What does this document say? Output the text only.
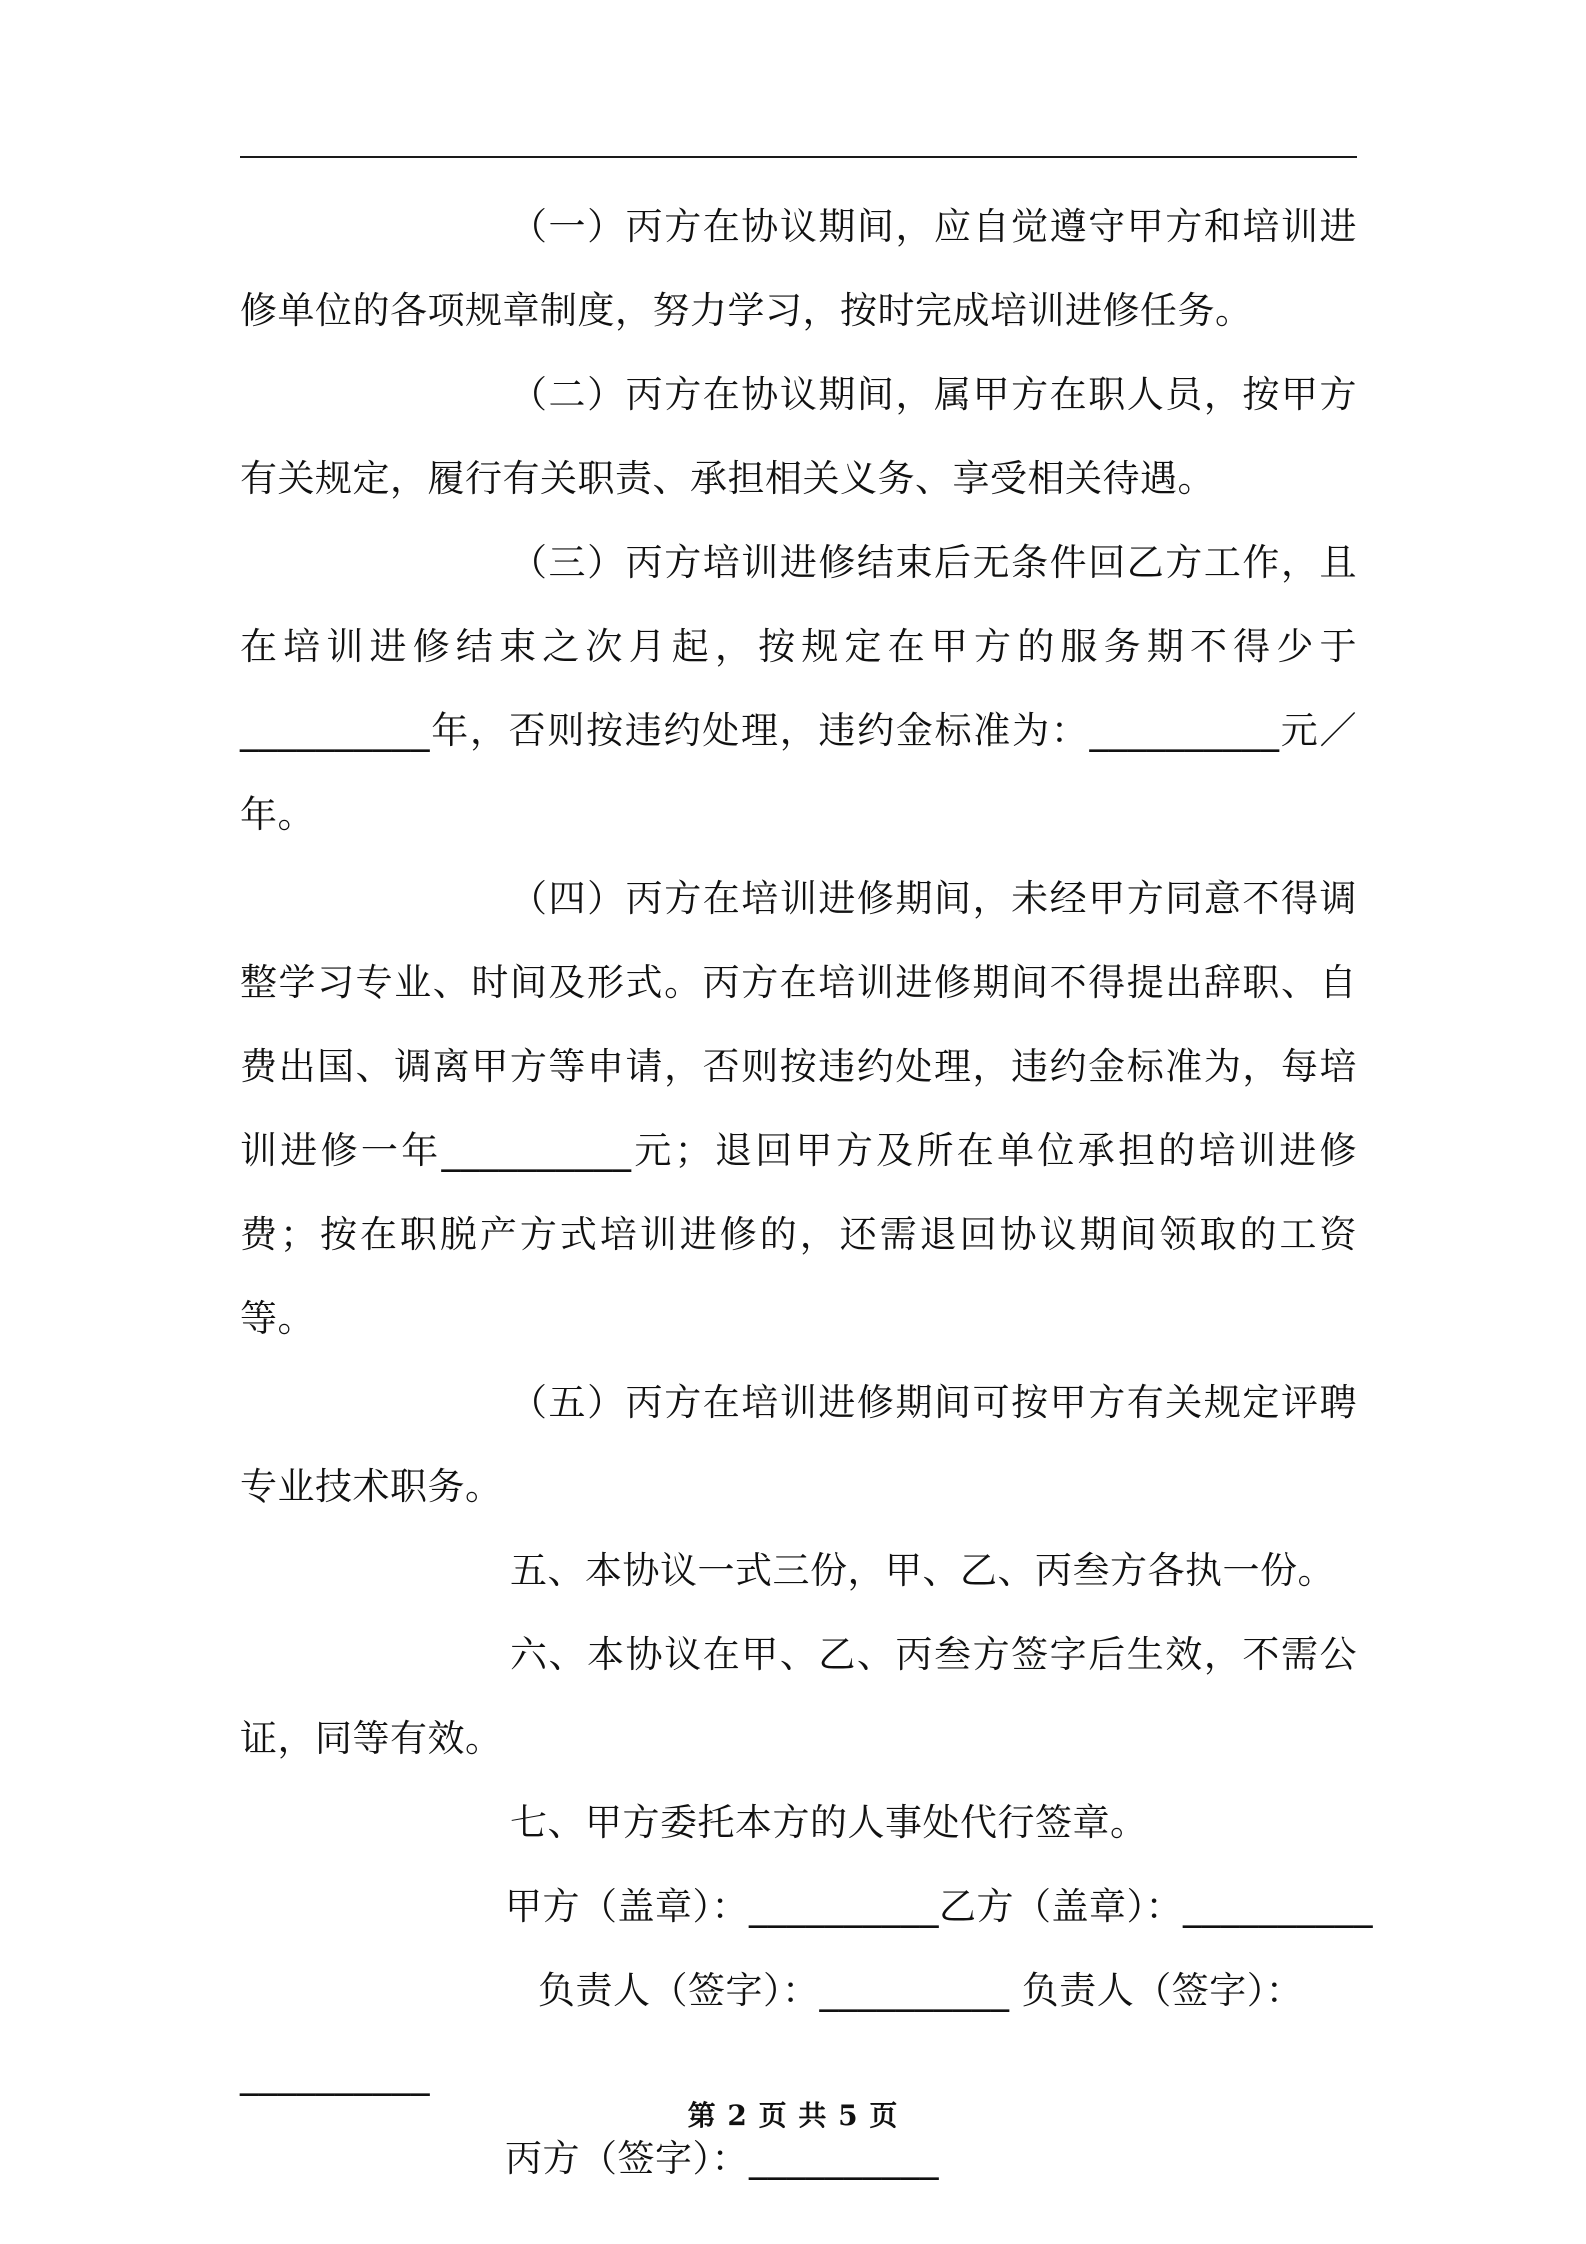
（一）丙方在协议期间，应自觉遵守甲方和培训进修单位的各项规章制度，努力学习，按时完成培训进修任务。

（二）丙方在协议期间，属甲方在职人员，按甲方有关规定，履行有关职责、承担相关义务、享受相关待遇。

（三）丙方培训进修结束后无条件回乙方工作，且在培训进修结束之次月起，按规定在甲方的服务期不得少于__________年，否则按违约处理，违约金标准为：__________元／年。

（四）丙方在培训进修期间，未经甲方同意不得调整学习专业、时间及形式。丙方在培训进修期间不得提出辞职、自费出国、调离甲方等申请，否则按违约处理，违约金标准为，每培训进修一年__________元；退回甲方及所在单位承担的培训进修费；按在职脱产方式培训进修的，还需退回协议期间领取的工资等。

（五）丙方在培训进修期间可按甲方有关规定评聘专业技术职务。

五、本协议一式三份，甲、乙、丙叁方各执一份。

六、本协议在甲、乙、丙叁方签字后生效，不需公证，同等有效。

七、甲方委托本方的人事处代行签章。

甲方（盖章）：__________乙方（盖章）：__________

负责人（签字）：__________ 负责人（签字）：

__________

丙方（签字）：__________

第 2 页 共 5 页
